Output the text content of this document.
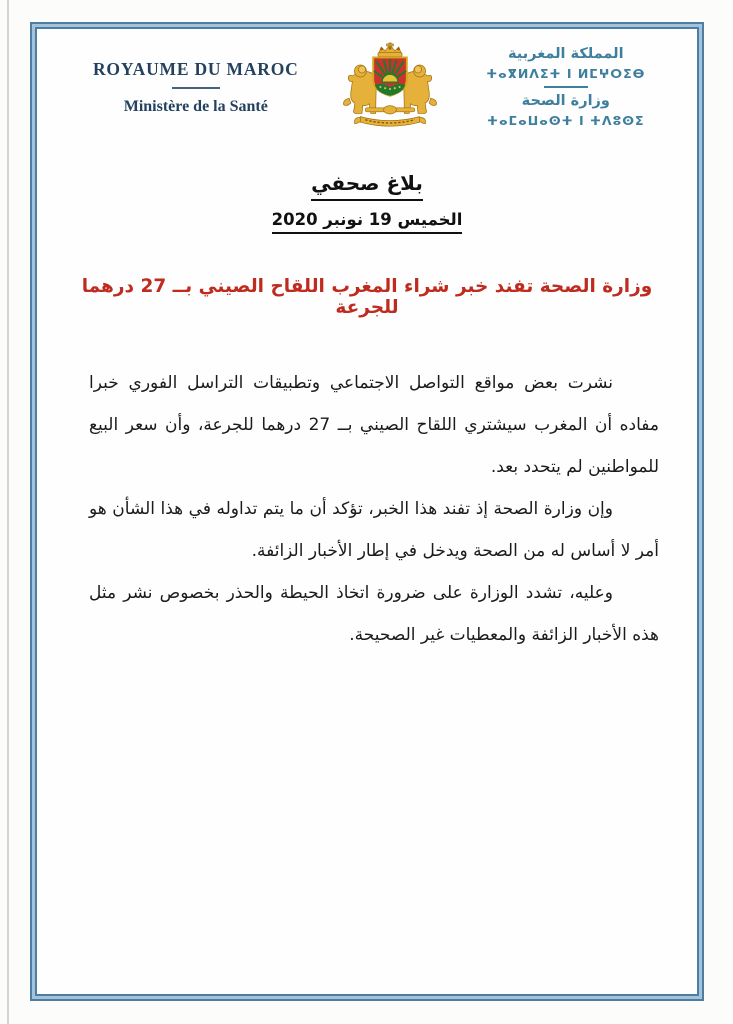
ROYAUME DU MAROC
Ministère de la Santé
المملكة المغربية
ⵜⴰⴳⵍⴷⵉⵜ ⵏ ⵍⵎⵖⵔⵉⴱ
وزارة الصحة
ⵜⴰⵎⴰⵡⴰⵙⵜ ⵏ ⵜⴷⵓⵙⵉ
بلاغ صحفي
الخميس 19 نونبر 2020
وزارة الصحة تفند خبر شراء المغرب اللقاح الصيني بــ 27 درهما للجرعة

نشرت بعض مواقع التواصل الاجتماعي وتطبيقات التراسل الفوري خبرا مفاده أن المغرب سيشتري اللقاح الصيني بــ 27 درهما للجرعة، وأن سعر البيع للمواطنين لم يتحدد بعد.

وإن وزارة الصحة إذ تفند هذا الخبر، تؤكد أن ما يتم تداوله في هذا الشأن هو أمر لا أساس له من الصحة ويدخل في إطار الأخبار الزائفة.

وعليه، تشدد الوزارة على ضرورة اتخاذ الحيطة والحذر بخصوص نشر مثل هذه الأخبار الزائفة والمعطيات غير الصحيحة.
